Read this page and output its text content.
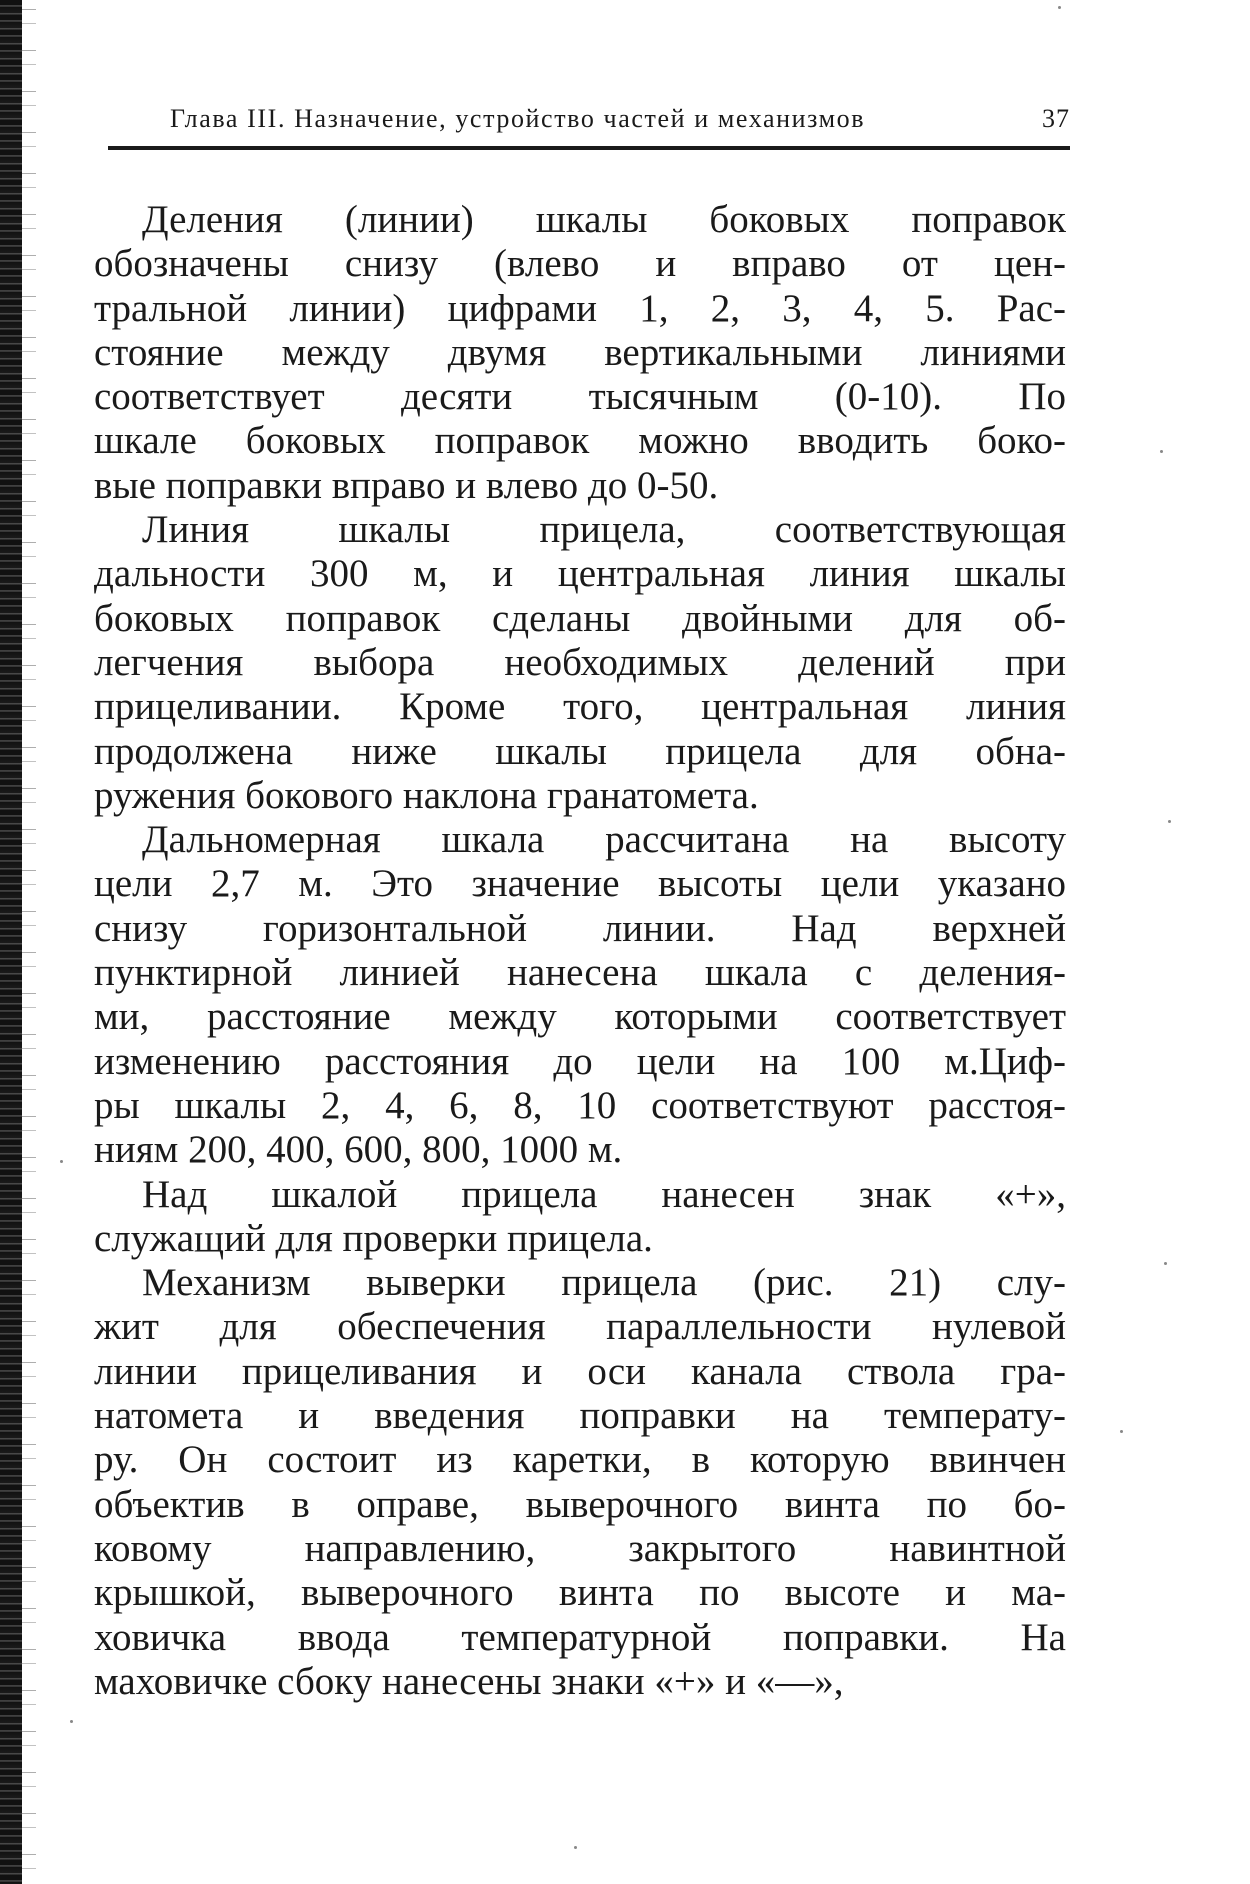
Глава III. Назначение, устройство частей и механизмов	37
Деления (линии) шкалы боковых поправок
обозначены снизу (влево и вправо от цен-
тральной линии) цифрами 1, 2, 3, 4, 5. Рас-
стояние между двумя вертикальными линиями
соответствует десяти тысячным (0-10). По
шкале боковых поправок можно вводить боко-
вые поправки вправо и влево до 0-50.
Линия шкалы прицела, соответствующая
дальности 300 м, и центральная линия шкалы
боковых поправок сделаны двойными для об-
легчения выбора необходимых делений при
прицеливании. Кроме того, центральная линия
продолжена ниже шкалы прицела для обна-
ружения бокового наклона гранатомета.
Дальномерная шкала рассчитана на высоту
цели 2,7 м. Это значение высоты цели указано
снизу горизонтальной линии. Над верхней
пунктирной линией нанесена шкала с деления-
ми, расстояние между которыми соответствует
изменению расстояния до цели на 100 м.Циф-
ры шкалы 2, 4, 6, 8, 10 соответствуют расстоя-
ниям 200, 400, 600, 800, 1000 м.
Над шкалой прицела нанесен знак «+»,
служащий для проверки прицела.
Механизм выверки прицела (рис. 21) слу-
жит для обеспечения параллельности нулевой
линии прицеливания и оси канала ствола гра-
натомета и введения поправки на температу-
ру. Он состоит из каретки, в которую ввинчен
объектив в оправе, выверочного винта по бо-
ковому направлению, закрытого навинтной
крышкой, выверочного винта по высоте и ма-
ховичка ввода температурной поправки. На
маховичке сбоку нанесены знаки «+» и «—»,
